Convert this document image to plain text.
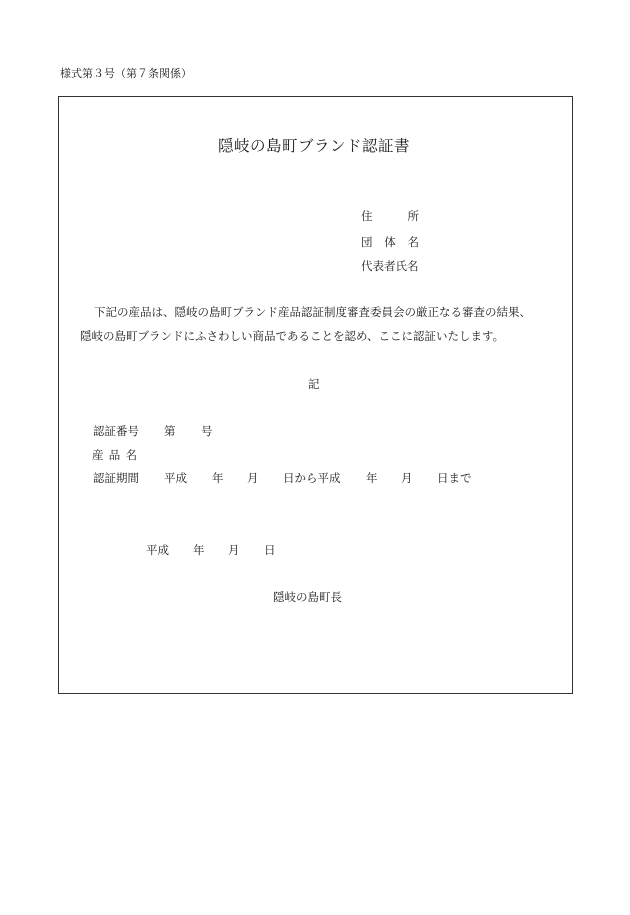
様式第３号（第７条関係）
隠岐の島町ブランド認証書
住	所
団 体 名
代表者氏名
下記の産品は、隠岐の島町ブランド産品認証制度審査委員会の厳正なる審査の結果、
隠岐の島町ブランドにふさわしい商品であることを認め、ここに認証いたします。
記
認証番号 第 号
産 品 名
認証期間 平成 年 月 日から平成 年 月 日まで
平成 年 月 日
隠岐の島町長
